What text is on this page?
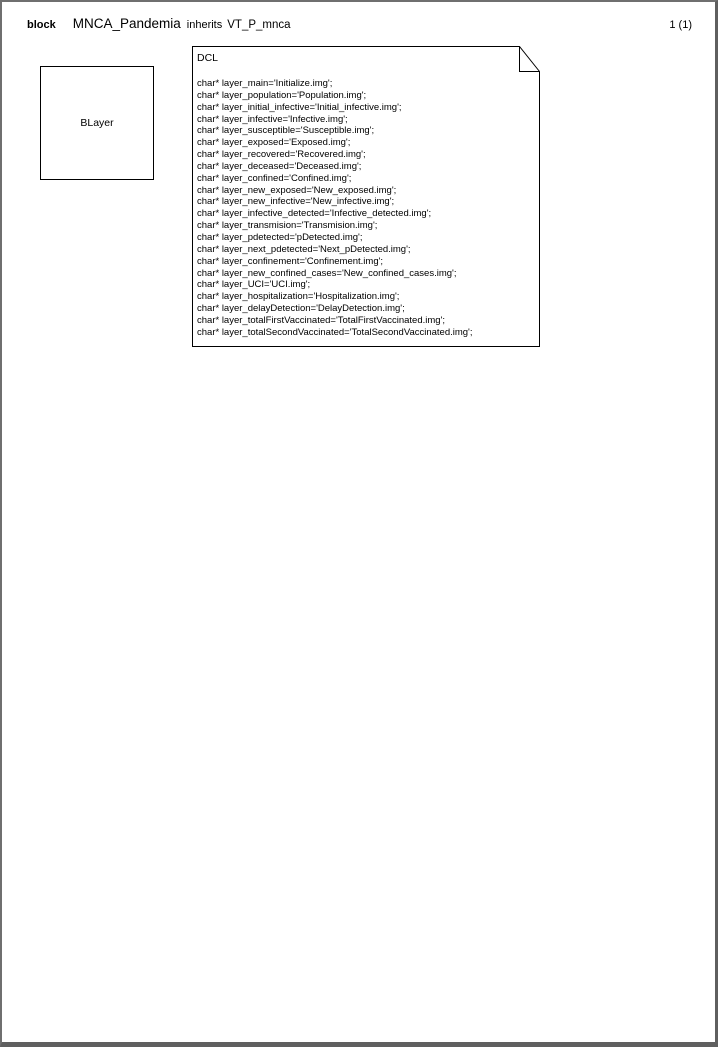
block MNCA_Pandemia inherits VT_P_mnca	1 (1)
BLayer
DCL
char* layer_main='Initialize.img';
char* layer_population='Population.img';
char* layer_initial_infective='Initial_infective.img';
char* layer_infective='Infective.img';
char* layer_susceptible='Susceptible.img';
char* layer_exposed='Exposed.img';
char* layer_recovered='Recovered.img';
char* layer_deceased='Deceased.img';
char* layer_confined='Confined.img';
char* layer_new_exposed='New_exposed.img';
char* layer_new_infective='New_infective.img';
char* layer_infective_detected='Infective_detected.img';
char* layer_transmision='Transmision.img';
char* layer_pdetected='pDetected.img';
char* layer_next_pdetected='Next_pDetected.img';
char* layer_confinement='Confinement.img';
char* layer_new_confined_cases='New_confined_cases.img';
char* layer_UCI='UCI.img';
char* layer_hospitalization='Hospitalization.img';
char* layer_delayDetection='DelayDetection.img';
char* layer_totalFirstVaccinated='TotalFirstVaccinated.img';
char* layer_totalSecondVaccinated='TotalSecondVaccinated.img';
